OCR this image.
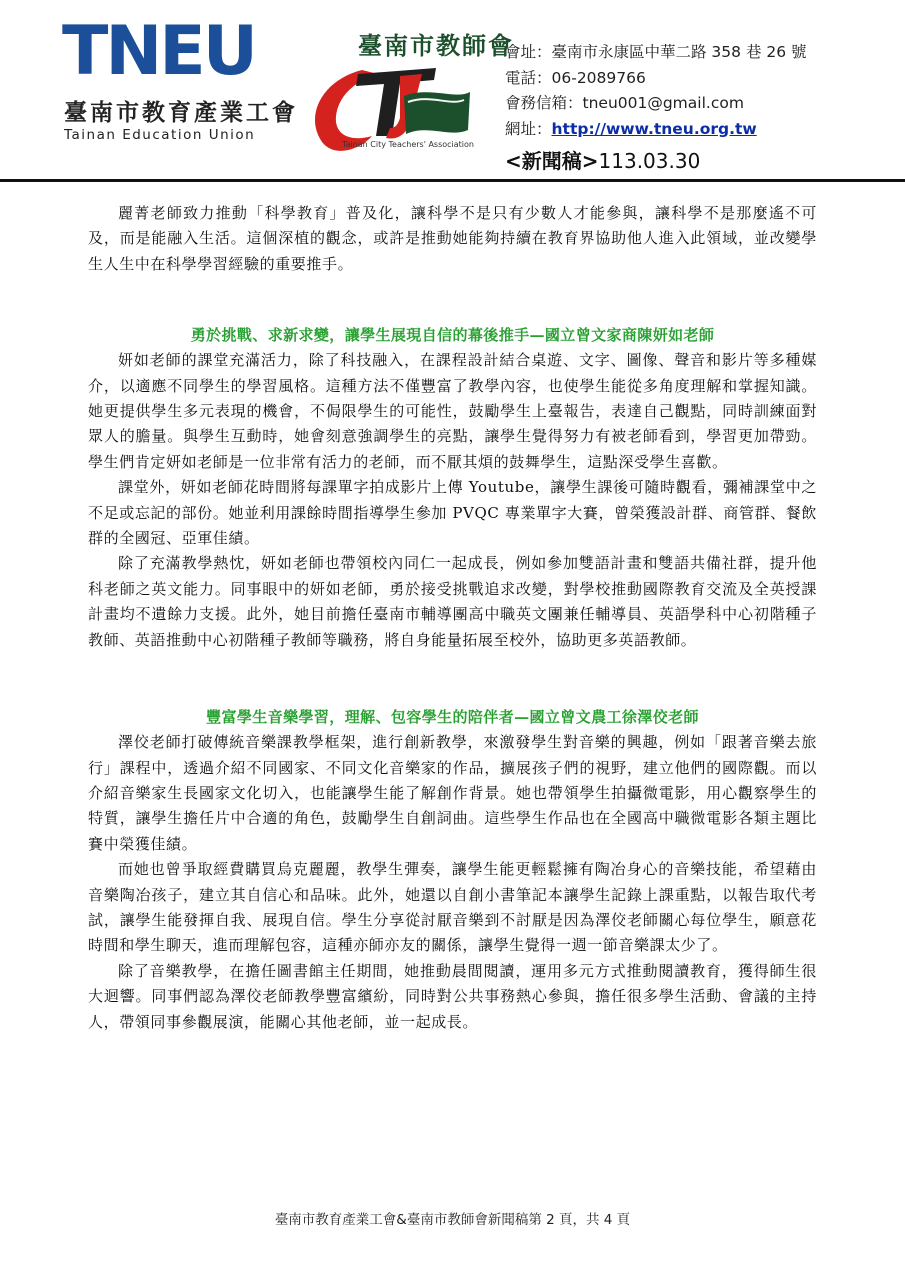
TNEU
臺南市教育產業工會
Tainan Education Union
臺南市教師會
Tainan City Teachers' Association
會址：臺南市永康區中華二路 358 巷 26 號
電話：06-2089766
會務信箱：tneu001@gmail.com
網址：http://www.tneu.org.tw
<新聞稿>113.03.30

麗菁老師致力推動「科學教育」普及化，讓科學不是只有少數人才能參與，讓科學不是那麼遙不可及，而是能融入生活。這個深植的觀念，或許是推動她能夠持續在教育界協助他人進入此領域，並改變學生人生中在科學學習經驗的重要推手。

勇於挑戰、求新求變，讓學生展現自信的幕後推手—國立曾文家商陳妍如老師

妍如老師的課堂充滿活力，除了科技融入，在課程設計結合桌遊、文字、圖像、聲音和影片等多種媒介，以適應不同學生的學習風格。這種方法不僅豐富了教學內容，也使學生能從多角度理解和掌握知識。她更提供學生多元表現的機會，不侷限學生的可能性，鼓勵學生上臺報告，表達自己觀點，同時訓練面對眾人的膽量。與學生互動時，她會刻意強調學生的亮點，讓學生覺得努力有被老師看到，學習更加帶勁。學生們肯定妍如老師是一位非常有活力的老師，而不厭其煩的鼓舞學生，這點深受學生喜歡。

課堂外，妍如老師花時間將每課單字拍成影片上傳 Youtube，讓學生課後可隨時觀看，彌補課堂中之不足或忘記的部份。她並利用課餘時間指導學生參加 PVQC 專業單字大賽，曾榮獲設計群、商管群、餐飲群的全國冠、亞軍佳績。

除了充滿教學熱忱，妍如老師也帶領校內同仁一起成長，例如參加雙語計畫和雙語共備社群，提升他科老師之英文能力。同事眼中的妍如老師，勇於接受挑戰追求改變，對學校推動國際教育交流及全英授課計畫均不遺餘力支援。此外，她目前擔任臺南市輔導團高中職英文團兼任輔導員、英語學科中心初階種子教師、英語推動中心初階種子教師等職務，將自身能量拓展至校外，協助更多英語教師。

豐富學生音樂學習，理解、包容學生的陪伴者—國立曾文農工徐澤佼老師

澤佼老師打破傳統音樂課教學框架，進行創新教學，來激發學生對音樂的興趣，例如「跟著音樂去旅行」課程中，透過介紹不同國家、不同文化音樂家的作品，擴展孩子們的視野，建立他們的國際觀。而以介紹音樂家生長國家文化切入，也能讓學生能了解創作背景。她也帶領學生拍攝微電影，用心觀察學生的特質，讓學生擔任片中合適的角色，鼓勵學生自創詞曲。這些學生作品也在全國高中職微電影各類主題比賽中榮獲佳績。

而她也曾爭取經費購買烏克麗麗，教學生彈奏，讓學生能更輕鬆擁有陶冶身心的音樂技能，希望藉由音樂陶冶孩子，建立其自信心和品味。此外，她還以自創小書筆記本讓學生記錄上課重點，以報告取代考試，讓學生能發揮自我、展現自信。學生分享從討厭音樂到不討厭是因為澤佼老師關心每位學生，願意花時間和學生聊天，進而理解包容，這種亦師亦友的關係，讓學生覺得一週一節音樂課太少了。

除了音樂教學，在擔任圖書館主任期間，她推動晨間閱讀，運用多元方式推動閱讀教育，獲得師生很大迴響。同事們認為澤佼老師教學豐富繽紛，同時對公共事務熱心參與，擔任很多學生活動、會議的主持人，帶領同事參觀展演，能關心其他老師，並一起成長。

臺南市教育產業工會&臺南市教師會新聞稿第 2 頁，共 4 頁
